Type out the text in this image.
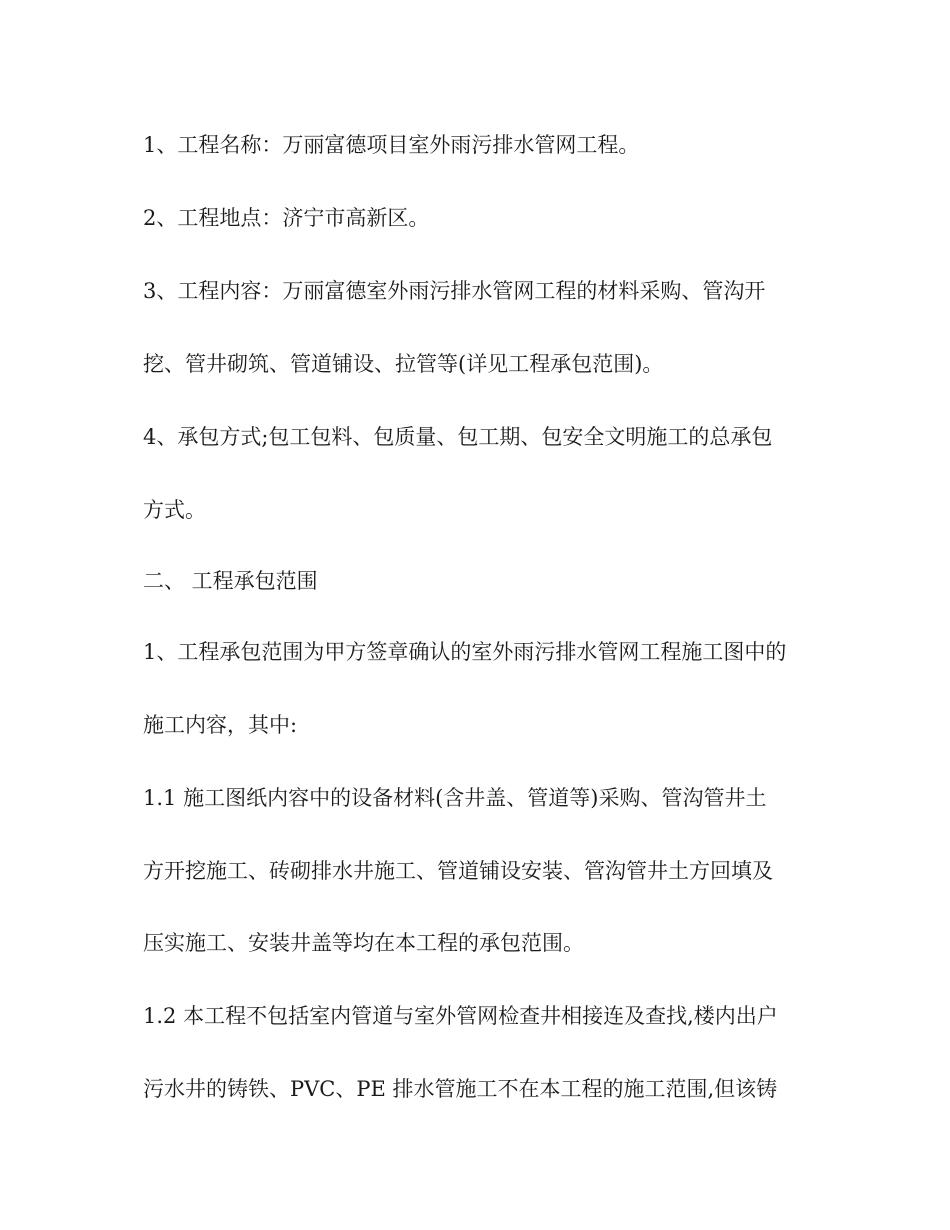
1、工程名称：万丽富德项目室外雨污排水管网工程。
2、工程地点：济宁市高新区。
3、工程内容：万丽富德室外雨污排水管网工程的材料采购、管沟开
挖、管井砌筑、管道铺设、拉管等(详见工程承包范围)。
4、承包方式;包工包料、包质量、包工期、包安全文明施工的总承包
方式。
二、 工程承包范围
1、工程承包范围为甲方签章确认的室外雨污排水管网工程施工图中的
施工内容，其中:
1.1 施工图纸内容中的设备材料(含井盖、管道等)采购、管沟管井土
方开挖施工、砖砌排水井施工、管道铺设安装、管沟管井土方回填及
压实施工、安装井盖等均在本工程的承包范围。
1.2 本工程不包括室内管道与室外管网检查井相接连及查找,楼内出户
污水井的铸铁、PVC、PE 排水管施工不在本工程的施工范围,但该铸
